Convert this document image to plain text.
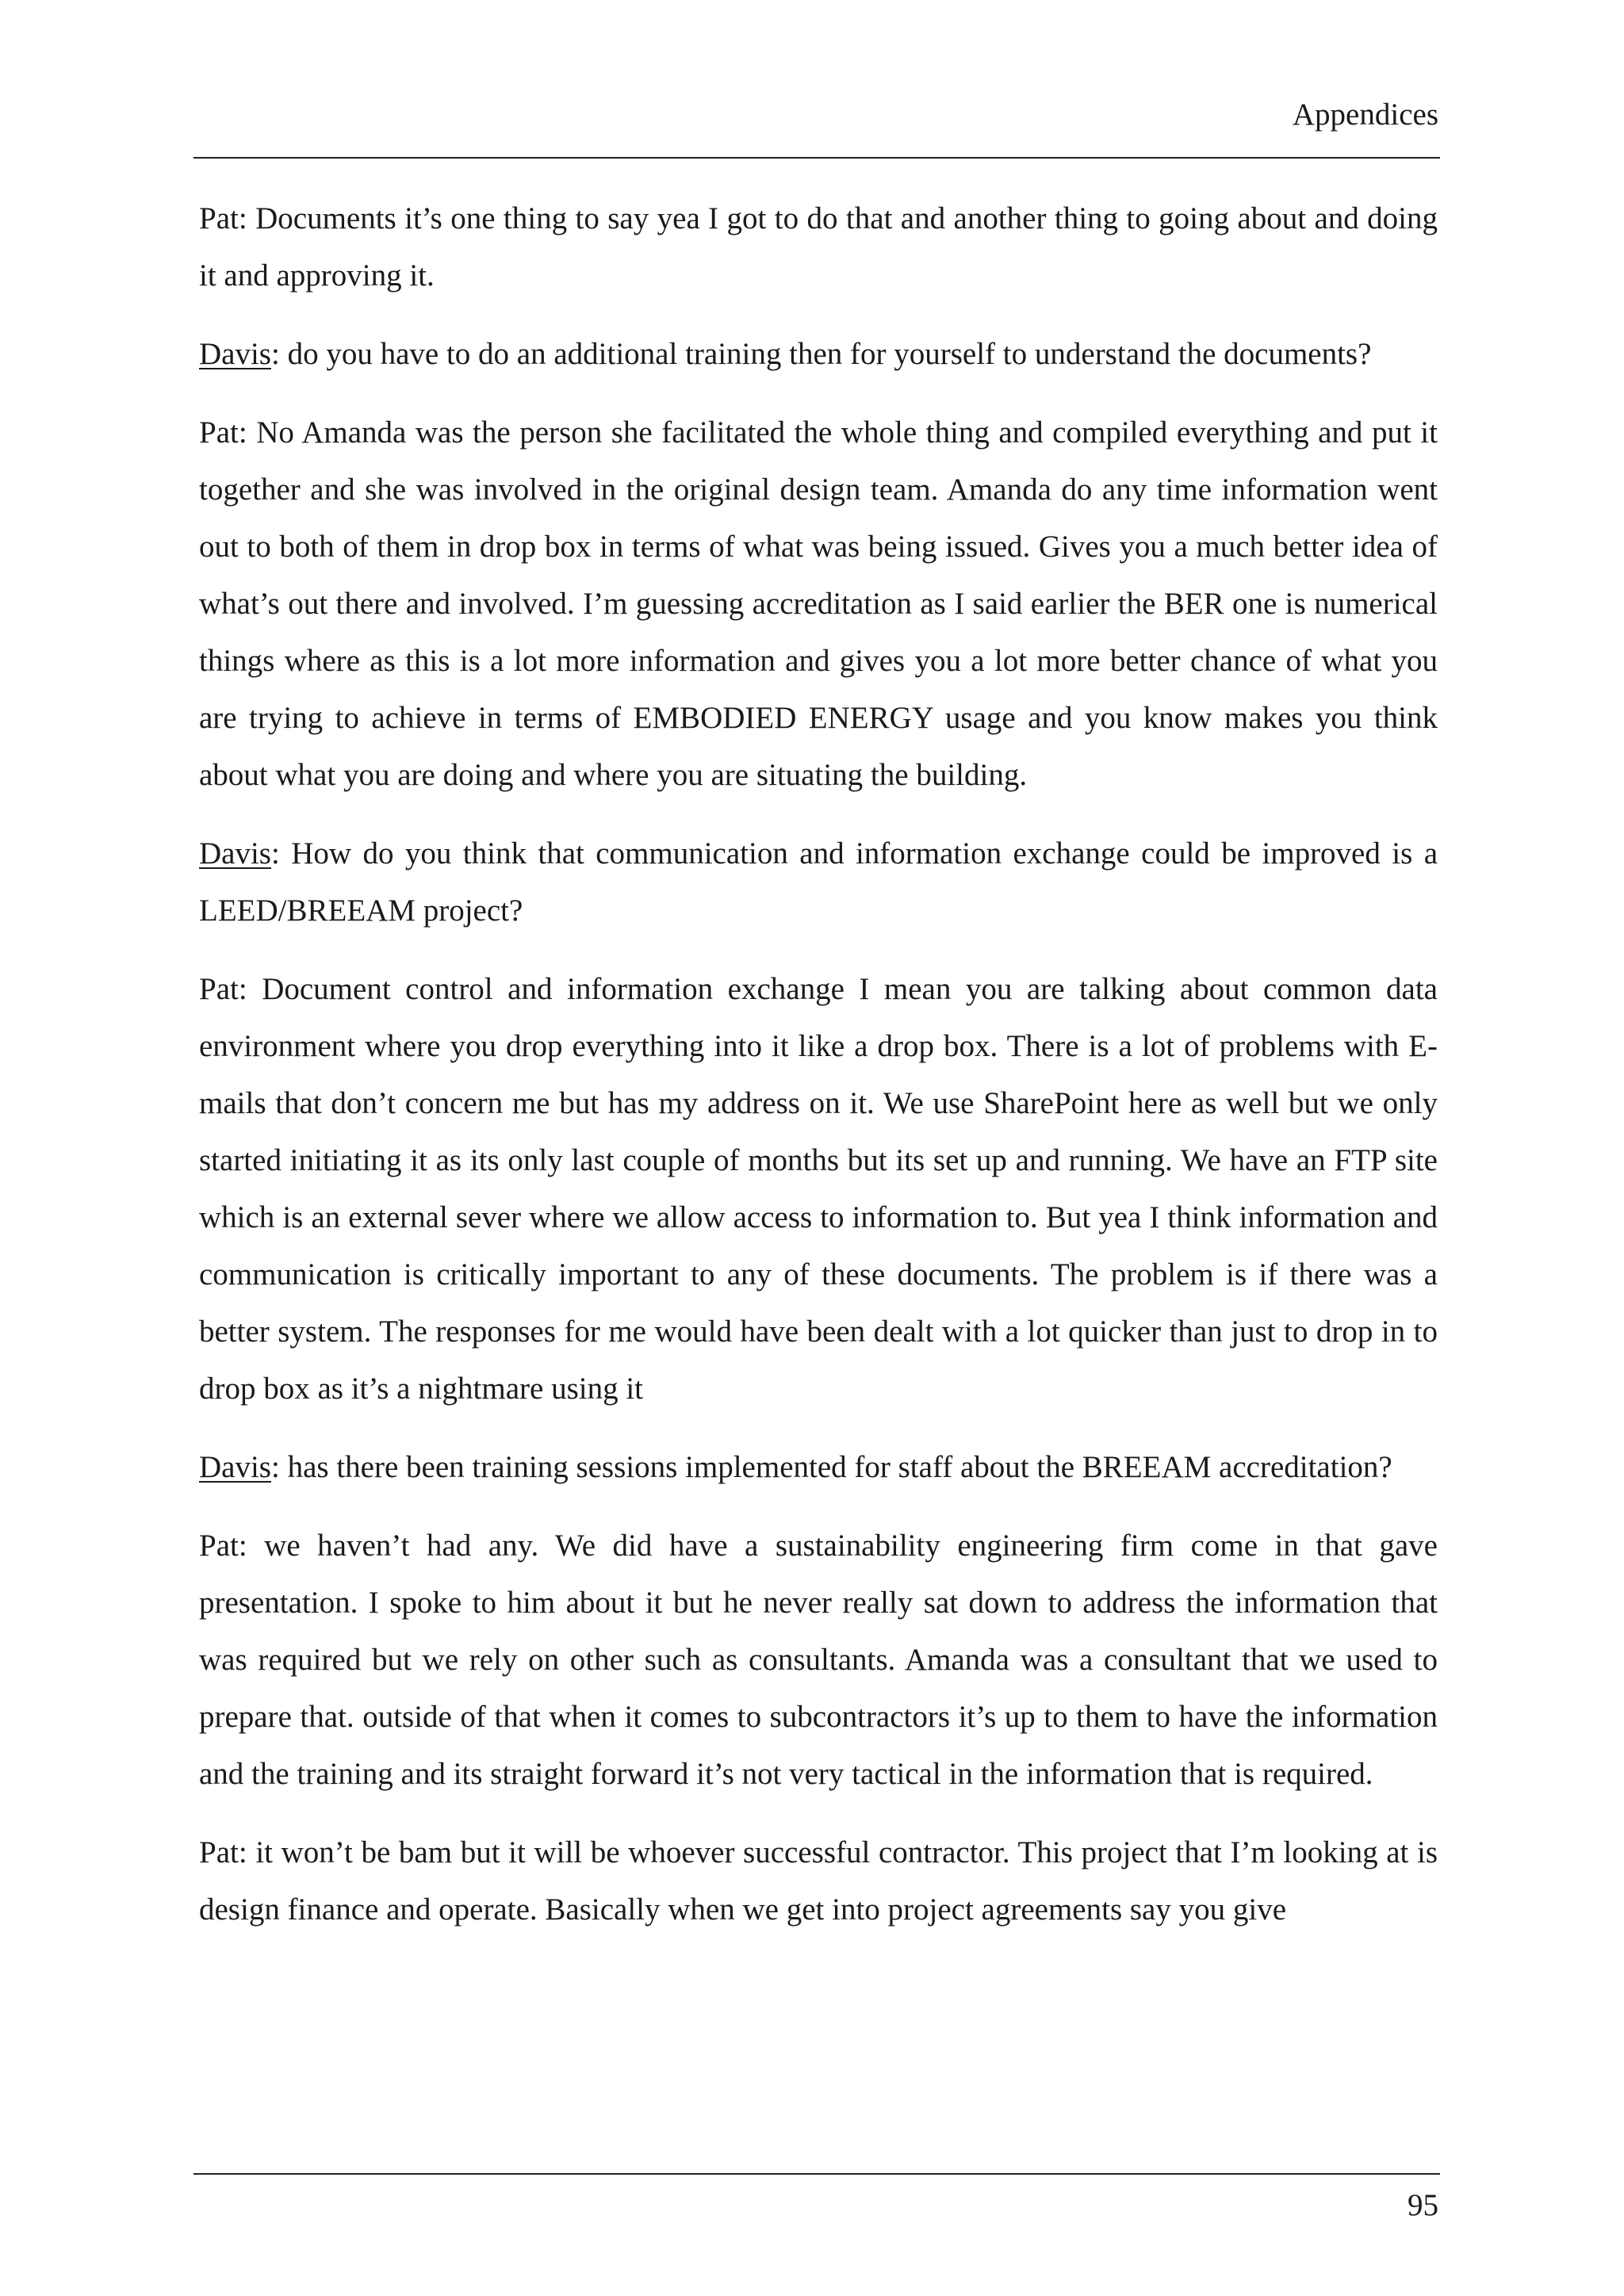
Appendices

Pat: Documents it’s one thing to say yea I got to do that and another thing to going about and doing it and approving it.

Davis: do you have to do an additional training then for yourself to understand the documents?

Pat: No Amanda was the person she facilitated the whole thing and compiled everything and put it together and she was involved in the original design team. Amanda do any time information went out to both of them in drop box in terms of what was being issued. Gives you a much better idea of what’s out there and involved. I’m guessing accreditation as I said earlier the BER one is numerical things where as this is a lot more information and gives you a lot more better chance of what you are trying to achieve in terms of EMBODIED ENERGY usage and you know makes you think about what you are doing and where you are situating the building.

Davis: How do you think that communication and information exchange could be improved is a LEED/BREEAM project?

Pat: Document control and information exchange I mean you are talking about common data environment where you drop everything into it like a drop box. There is a lot of problems with E-mails that don’t concern me but has my address on it. We use SharePoint here as well but we only started initiating it as its only last couple of months but its set up and running. We have an FTP site which is an external sever where we allow access to information to. But yea I think information and communication is critically important to any of these documents. The problem is if there was a better system. The responses for me would have been dealt with a lot quicker than just to drop in to drop box as it’s a nightmare using it

Davis: has there been training sessions implemented for staff about the BREEAM accreditation?

Pat: we haven’t had any. We did have a sustainability engineering firm come in that gave presentation. I spoke to him about it but he never really sat down to address the information that was required but we rely on other such as consultants. Amanda was a consultant that we used to prepare that. outside of that when it comes to subcontractors it’s up to them to have the information and the training and its straight forward it’s not very tactical in the information that is required.

Pat: it won’t be bam but it will be whoever successful contractor. This project that I’m looking at is design finance and operate. Basically when we get into project agreements say you give

95
